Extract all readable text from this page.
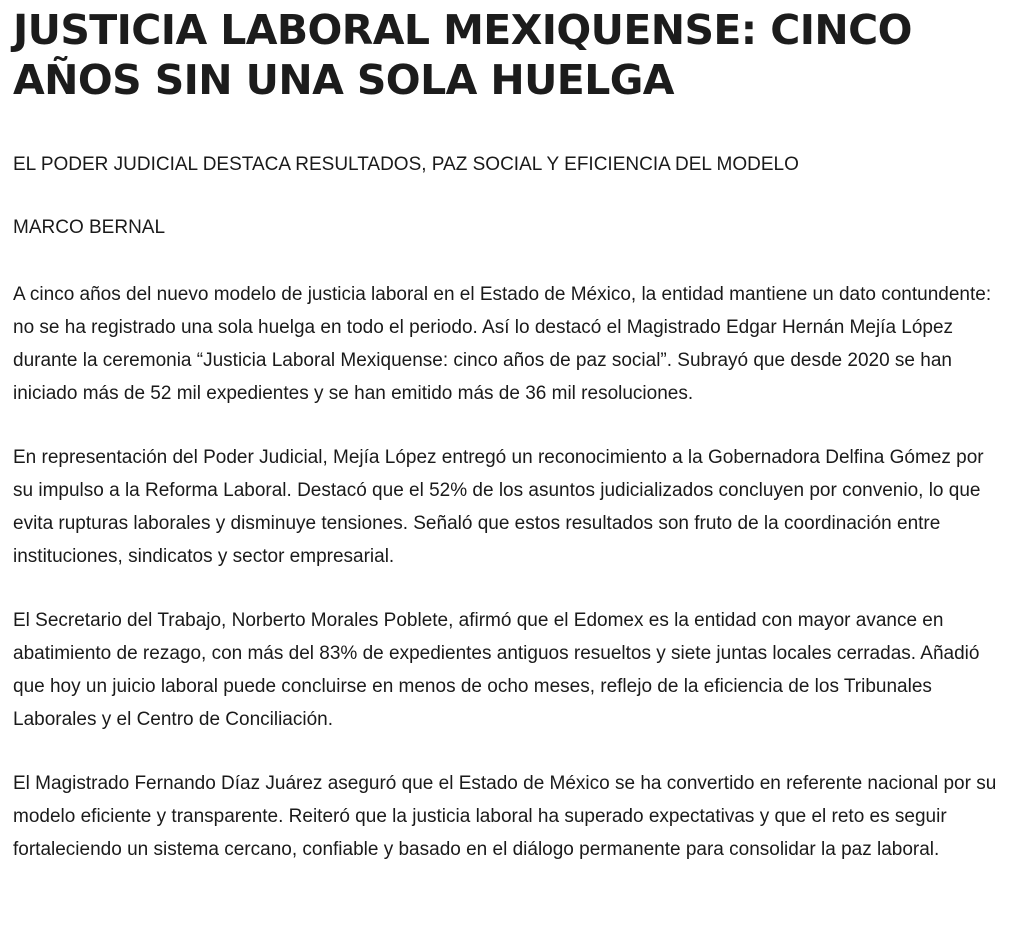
JUSTICIA LABORAL MEXIQUENSE: CINCO AÑOS SIN UNA SOLA HUELGA

EL PODER JUDICIAL DESTACA RESULTADOS, PAZ SOCIAL Y EFICIENCIA DEL MODELO

MARCO BERNAL

A cinco años del nuevo modelo de justicia laboral en el Estado de México, la entidad mantiene un dato contundente: no se ha registrado una sola huelga en todo el periodo. Así lo destacó el Magistrado Edgar Hernán Mejía López durante la ceremonia “Justicia Laboral Mexiquense: cinco años de paz social”. Subrayó que desde 2020 se han iniciado más de 52 mil expedientes y se han emitido más de 36 mil resoluciones.

En representación del Poder Judicial, Mejía López entregó un reconocimiento a la Gobernadora Delfina Gómez por su impulso a la Reforma Laboral. Destacó que el 52% de los asuntos judicializados concluyen por convenio, lo que evita rupturas laborales y disminuye tensiones. Señaló que estos resultados son fruto de la coordinación entre instituciones, sindicatos y sector empresarial.

El Secretario del Trabajo, Norberto Morales Poblete, afirmó que el Edomex es la entidad con mayor avance en abatimiento de rezago, con más del 83% de expedientes antiguos resueltos y siete juntas locales cerradas. Añadió que hoy un juicio laboral puede concluirse en menos de ocho meses, reflejo de la eficiencia de los Tribunales Laborales y el Centro de Conciliación.

El Magistrado Fernando Díaz Juárez aseguró que el Estado de México se ha convertido en referente nacional por su modelo eficiente y transparente. Reiteró que la justicia laboral ha superado expectativas y que el reto es seguir fortaleciendo un sistema cercano, confiable y basado en el diálogo permanente para consolidar la paz laboral.
